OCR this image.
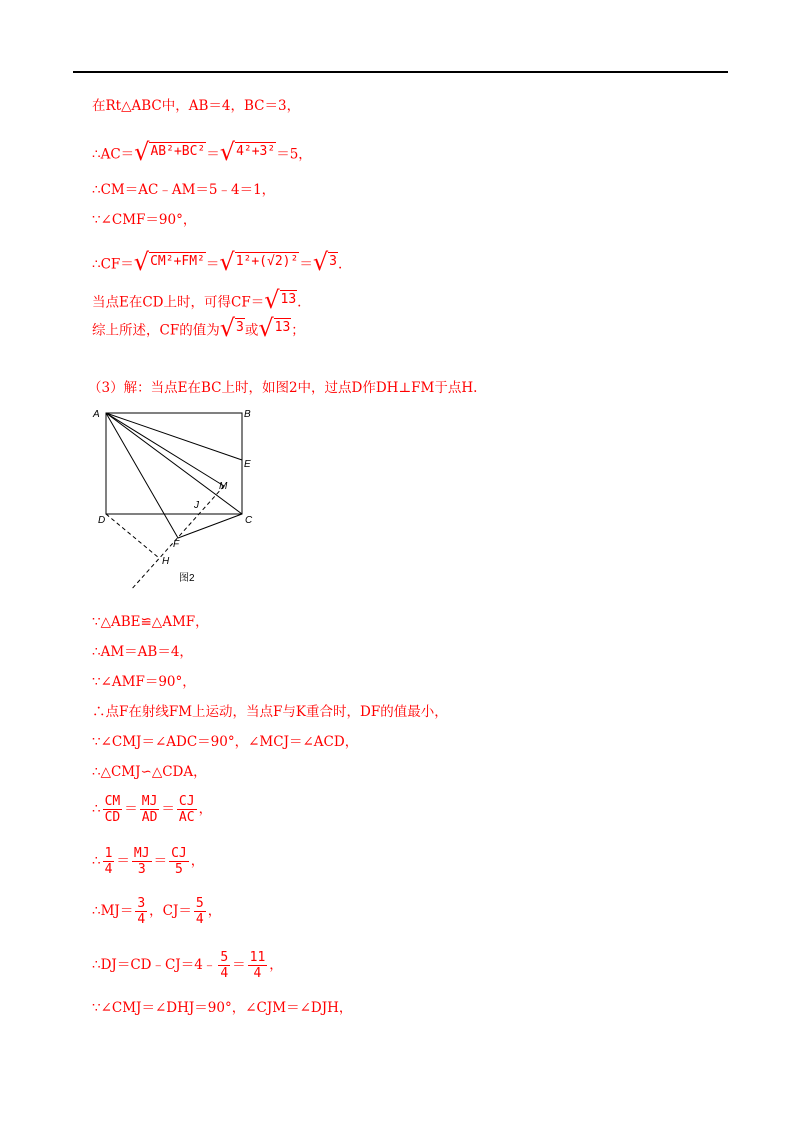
在Rt△ABC中，AB＝4，BC＝3，
∴AC＝ √ AB²+BC² ＝ √ 4²+3² ＝5，
∴CM＝AC﹣AM＝5﹣4＝1，
∵∠CMF＝90°，
∴CF＝ √ CM²+FM² ＝ √ 1²+(√2)² ＝ √ 3 .
当点E在CD上时，可得CF＝ √ 13 .
综上所述，CF的值为 √ 3 或 √ 13 ；
（3）解：当点E在BC上时，如图2中，过点D作DH⊥FM于点H.
A	B
E
M
J
D	C
F
H
图2
∵△ABE≌△AMF，
∴AM＝AB＝4，
∵∠AMF＝90°，
∴点F在射线FM上运动，当点F与K重合时，DF的值最小，
∵∠CMJ＝∠ADC＝90°，∠MCJ＝∠ACD，
∴△CMJ∽△CDA，
∴ $\frac{CM}{CD} = \frac{MJ}{AD} = \frac{CJ}{AC}$ ，
∴ $\frac{1}{4} = \frac{MJ}{3} = \frac{CJ}{5}$ ，
∴MJ＝ $\frac{3}{4}$ ，$CJ= \frac{5}{4}$ ，
∴DJ＝CD﹣CJ＝4﹣ $\frac{5}{4} = \frac{11}{4}$ ，
∵∠CMJ＝∠DHJ＝90°，∠CJM＝∠DJH，
